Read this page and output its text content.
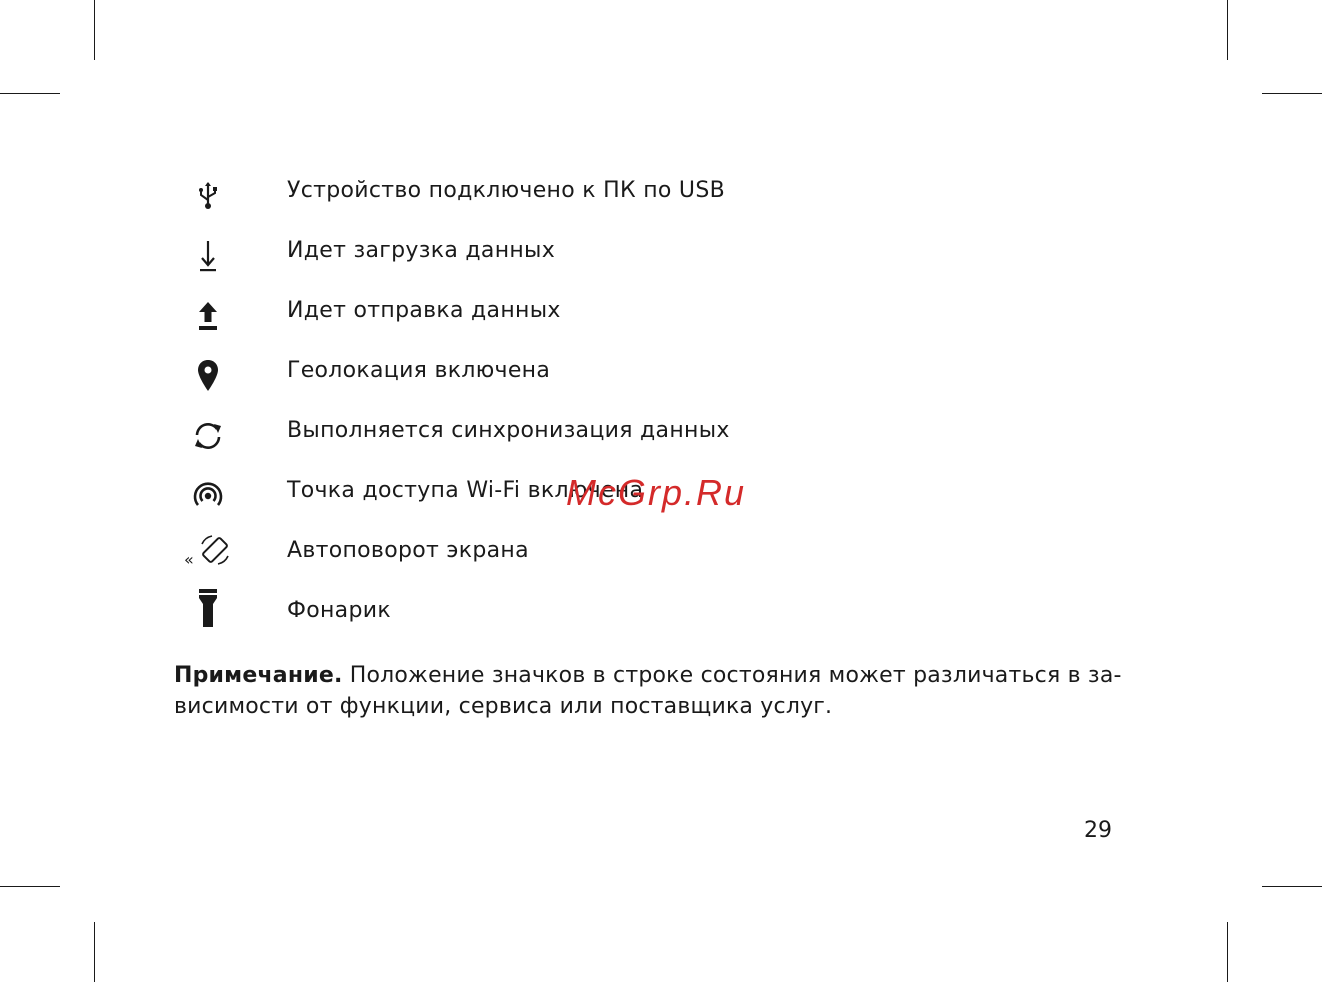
Устройство подключено к ПК по USB
Идет загрузка данных
Идет отправка данных
Геолокация включена
Выполняется синхронизация данных
Точка доступа Wi-Fi включена
«	Автоповорот экрана
Фонарик

Примечание. Положение значков в строке состояния может различаться в за-висимости от функции, сервиса или поставщика услуг.

29
McGrp.Ru
